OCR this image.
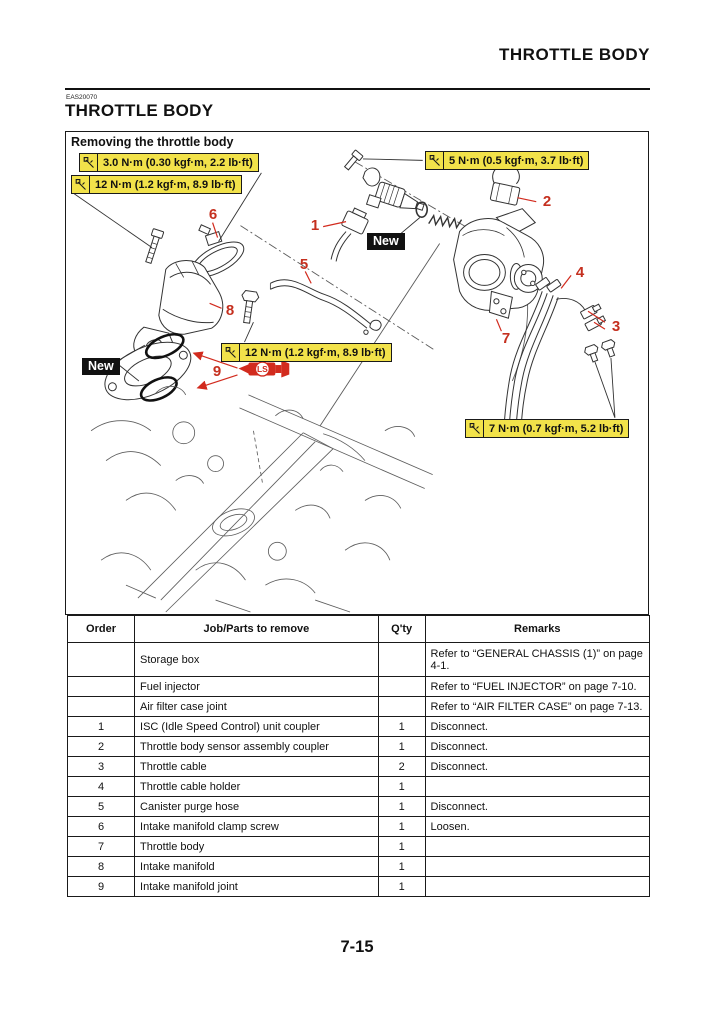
THROTTLE BODY
EAS20070
THROTTLE BODY
Removing the throttle body
LS
3.0 N·m (0.30 kgf·m, 2.2 lb·ft)
12 N·m (1.2 kgf·m, 8.9 lb·ft)
5 N·m (0.5 kgf·m, 3.7 lb·ft)
12 N·m (1.2 kgf·m, 8.9 lb·ft)
7 N·m (0.7 kgf·m, 5.2 lb·ft)
New
New
1
2
3
4
5
6
7
8
9
Order	Job/Parts to remove	Q'ty	Remarks
	Storage box		Refer to “GENERAL CHASSIS (1)” on page 4-1.
	Fuel injector		Refer to “FUEL INJECTOR” on page 7-10.
	Air filter case joint		Refer to “AIR FILTER CASE” on page 7-13.
1	ISC (Idle Speed Control) unit coupler	1	Disconnect.
2	Throttle body sensor assembly coupler	1	Disconnect.
3	Throttle cable	2	Disconnect.
4	Throttle cable holder	1	
5	Canister purge hose	1	Disconnect.
6	Intake manifold clamp screw	1	Loosen.
7	Throttle body	1	
8	Intake manifold	1	
9	Intake manifold joint	1	
7-15
